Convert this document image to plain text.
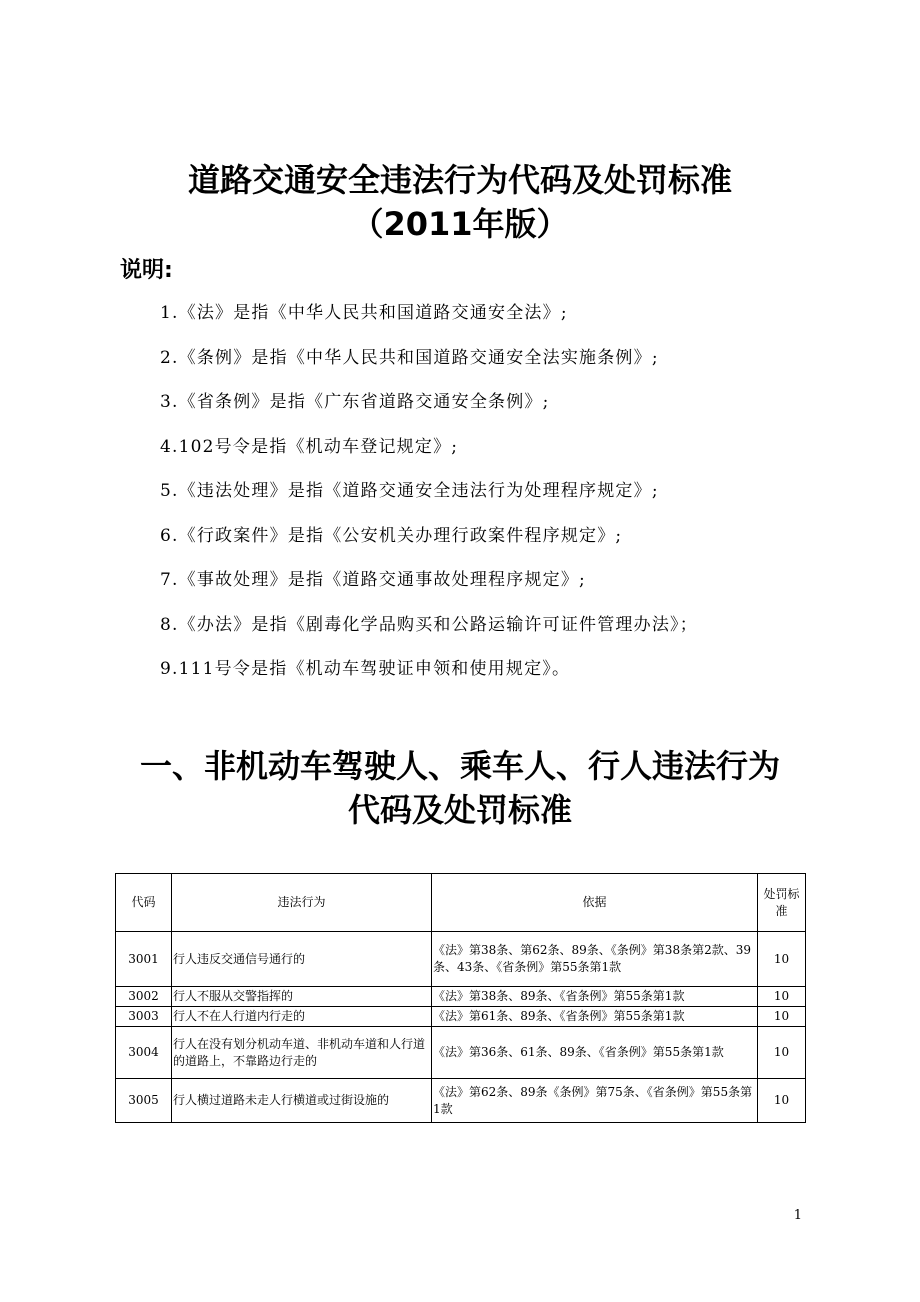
道路交通安全违法行为代码及处罚标准
（2011年版）
说明:
1.《法》是指《中华人民共和国道路交通安全法》;
2.《条例》是指《中华人民共和国道路交通安全法实施条例》;
3.《省条例》是指《广东省道路交通安全条例》;
4.102号令是指《机动车登记规定》;
5.《违法处理》是指《道路交通安全违法行为处理程序规定》;
6.《行政案件》是指《公安机关办理行政案件程序规定》;
7.《事故处理》是指《道路交通事故处理程序规定》;
8.《办法》是指《剧毒化学品购买和公路运输许可证件管理办法》；
9.111号令是指《机动车驾驶证申领和使用规定》。
一、非机动车驾驶人、乘车人、行人违法行为
代码及处罚标准
代码	违法行为	依据	处罚标准
3001	行人违反交通信号通行的	《法》第38条、第62条、89条、《条例》第38条第2款、39条、43条、《省条例》第55条第1款	10
3002	行人不服从交警指挥的	《法》第38条、89条、《省条例》第55条第1款	10
3003	行人不在人行道内行走的	《法》第61条、89条、《省条例》第55条第1款	10
3004	行人在没有划分机动车道、非机动车道和人行道的道路上，不靠路边行走的	《法》第36条、61条、89条、《省条例》第55条第1款	10
3005	行人横过道路未走人行横道或过街设施的	《法》第62条、89条《条例》第75条、《省条例》第55条第1款	10
1
